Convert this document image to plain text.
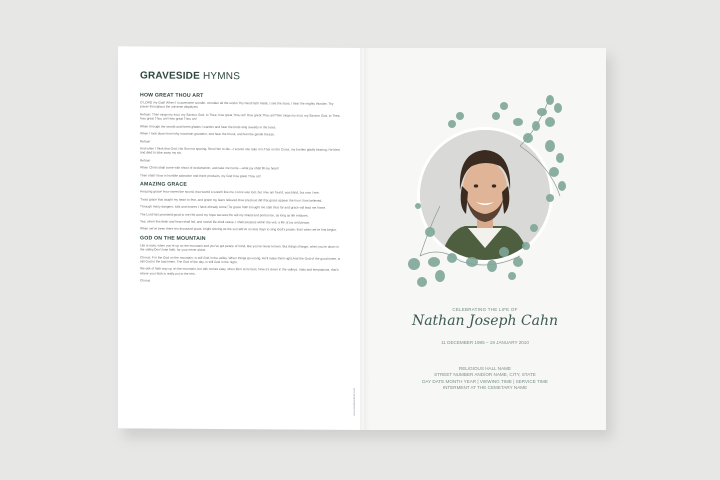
GRAVESIDE HYMNS
HOW GREAT THOU ART
O LORD my God! When I in awesome wonder, consider all the works Thy hand hath made, I see the stars, I hear the mighty thunder, Thy power throughout the universe displayed.
Refrain: Then sings my soul, my Saviour God, to Thee, how great Thou art! How great Thou art!Then sings my soul, my Saviour God, to Thee, how great Thou art! How great Thou art!
When through the woods and forest glades I wander and hear the birds sing sweetly in the trees.
When I look down from lofty mountain grandeur, and hear the brook, and feel the gentle breeze.
Refrain
And when I think that God, His Son not sparing, Sent Him to die—I scarce can take it in;That on the Cross, my burden gladly bearing, He bled and died to take away my sin.
Refrain
When Christ shall come with shout of acclamation, and take me home—what joy shall fill my heart!
Then shall I bow in humble adoration and there proclaim, my God how great Thou art!
AMAZING GRACE
Amazing grace! How sweet the sound, that saved a wretch like me.I once was lost, but now am found, was blind, but now I see.
'Twas grace that taught my heart to fear, and grace my fears relieved.How precious did that grace appear the hour I first believed.
Through many dangers, toils and snares I have already come;'Tis grace hath brought me safe thus far and grace will lead me home.
The Lord has promised good to me,His word my hope secures;He will my shield and portion be, as long as life endures.
Yea, when this flesh and heart shall fail, and mortal life shall cease, I shall possess within the veil, a life of joy and peace.
When we've been there ten thousand years, bright shining as the sun,We've no less days to sing God's praise, than when we've first begun.
GOD ON THE MOUNTAIN
Life is easy, when you're up on the mountain and you've got peace of mind, like you've never known. But things change, when you're down in the valley.Don't lose faith, for your never alone.
Chorus: For the God on the mountain, is still God in the valley. When things go wrong, He'll make them right.And the God of the good times, is still God in the bad times. The God of the day, is still God in the night.
We talk of faith way up on the mountain, but talk comes easy, when life's at its best. Now it's down in the valleys, trials and temptations, that's where your faith is really put to the test.
Chorus
www.templatesbuilt.com
CELEBRATING THE LIFE OF
Nathan Joseph Cahn
11 DECEMBER 1985 – 19 JANUARY 2010
RELIGIOUS HALL NAME
STREET NUMBER AND/OR NAME, CITY, STATE
DAY DATE MONTH YEAR | VIEWING TIME | SERVICE TIME
INTERMENT AT THE CEMETARY NAME
